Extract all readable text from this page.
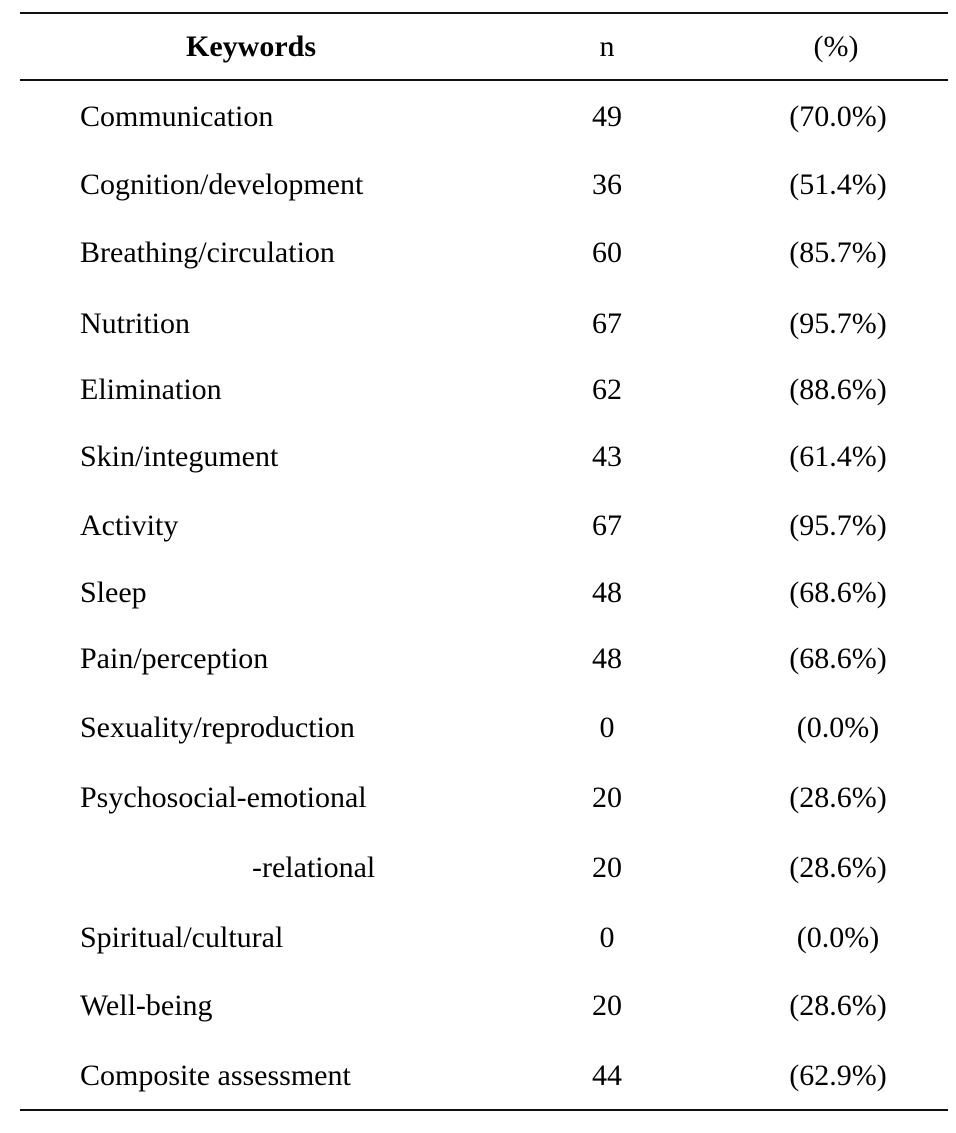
Keywords	n	(%)
Communication	49	(70.0%)
Cognition/development	36	(51.4%)
Breathing/circulation	60	(85.7%)
Nutrition	67	(95.7%)
Elimination	62	(88.6%)
Skin/integument	43	(61.4%)
Activity	67	(95.7%)
Sleep	48	(68.6%)
Pain/perception	48	(68.6%)
Sexuality/reproduction	0	(0.0%)
Psychosocial-emotional	20	(28.6%)
-relational	20	(28.6%)
Spiritual/cultural	0	(0.0%)
Well-being	20	(28.6%)
Composite assessment	44	(62.9%)
